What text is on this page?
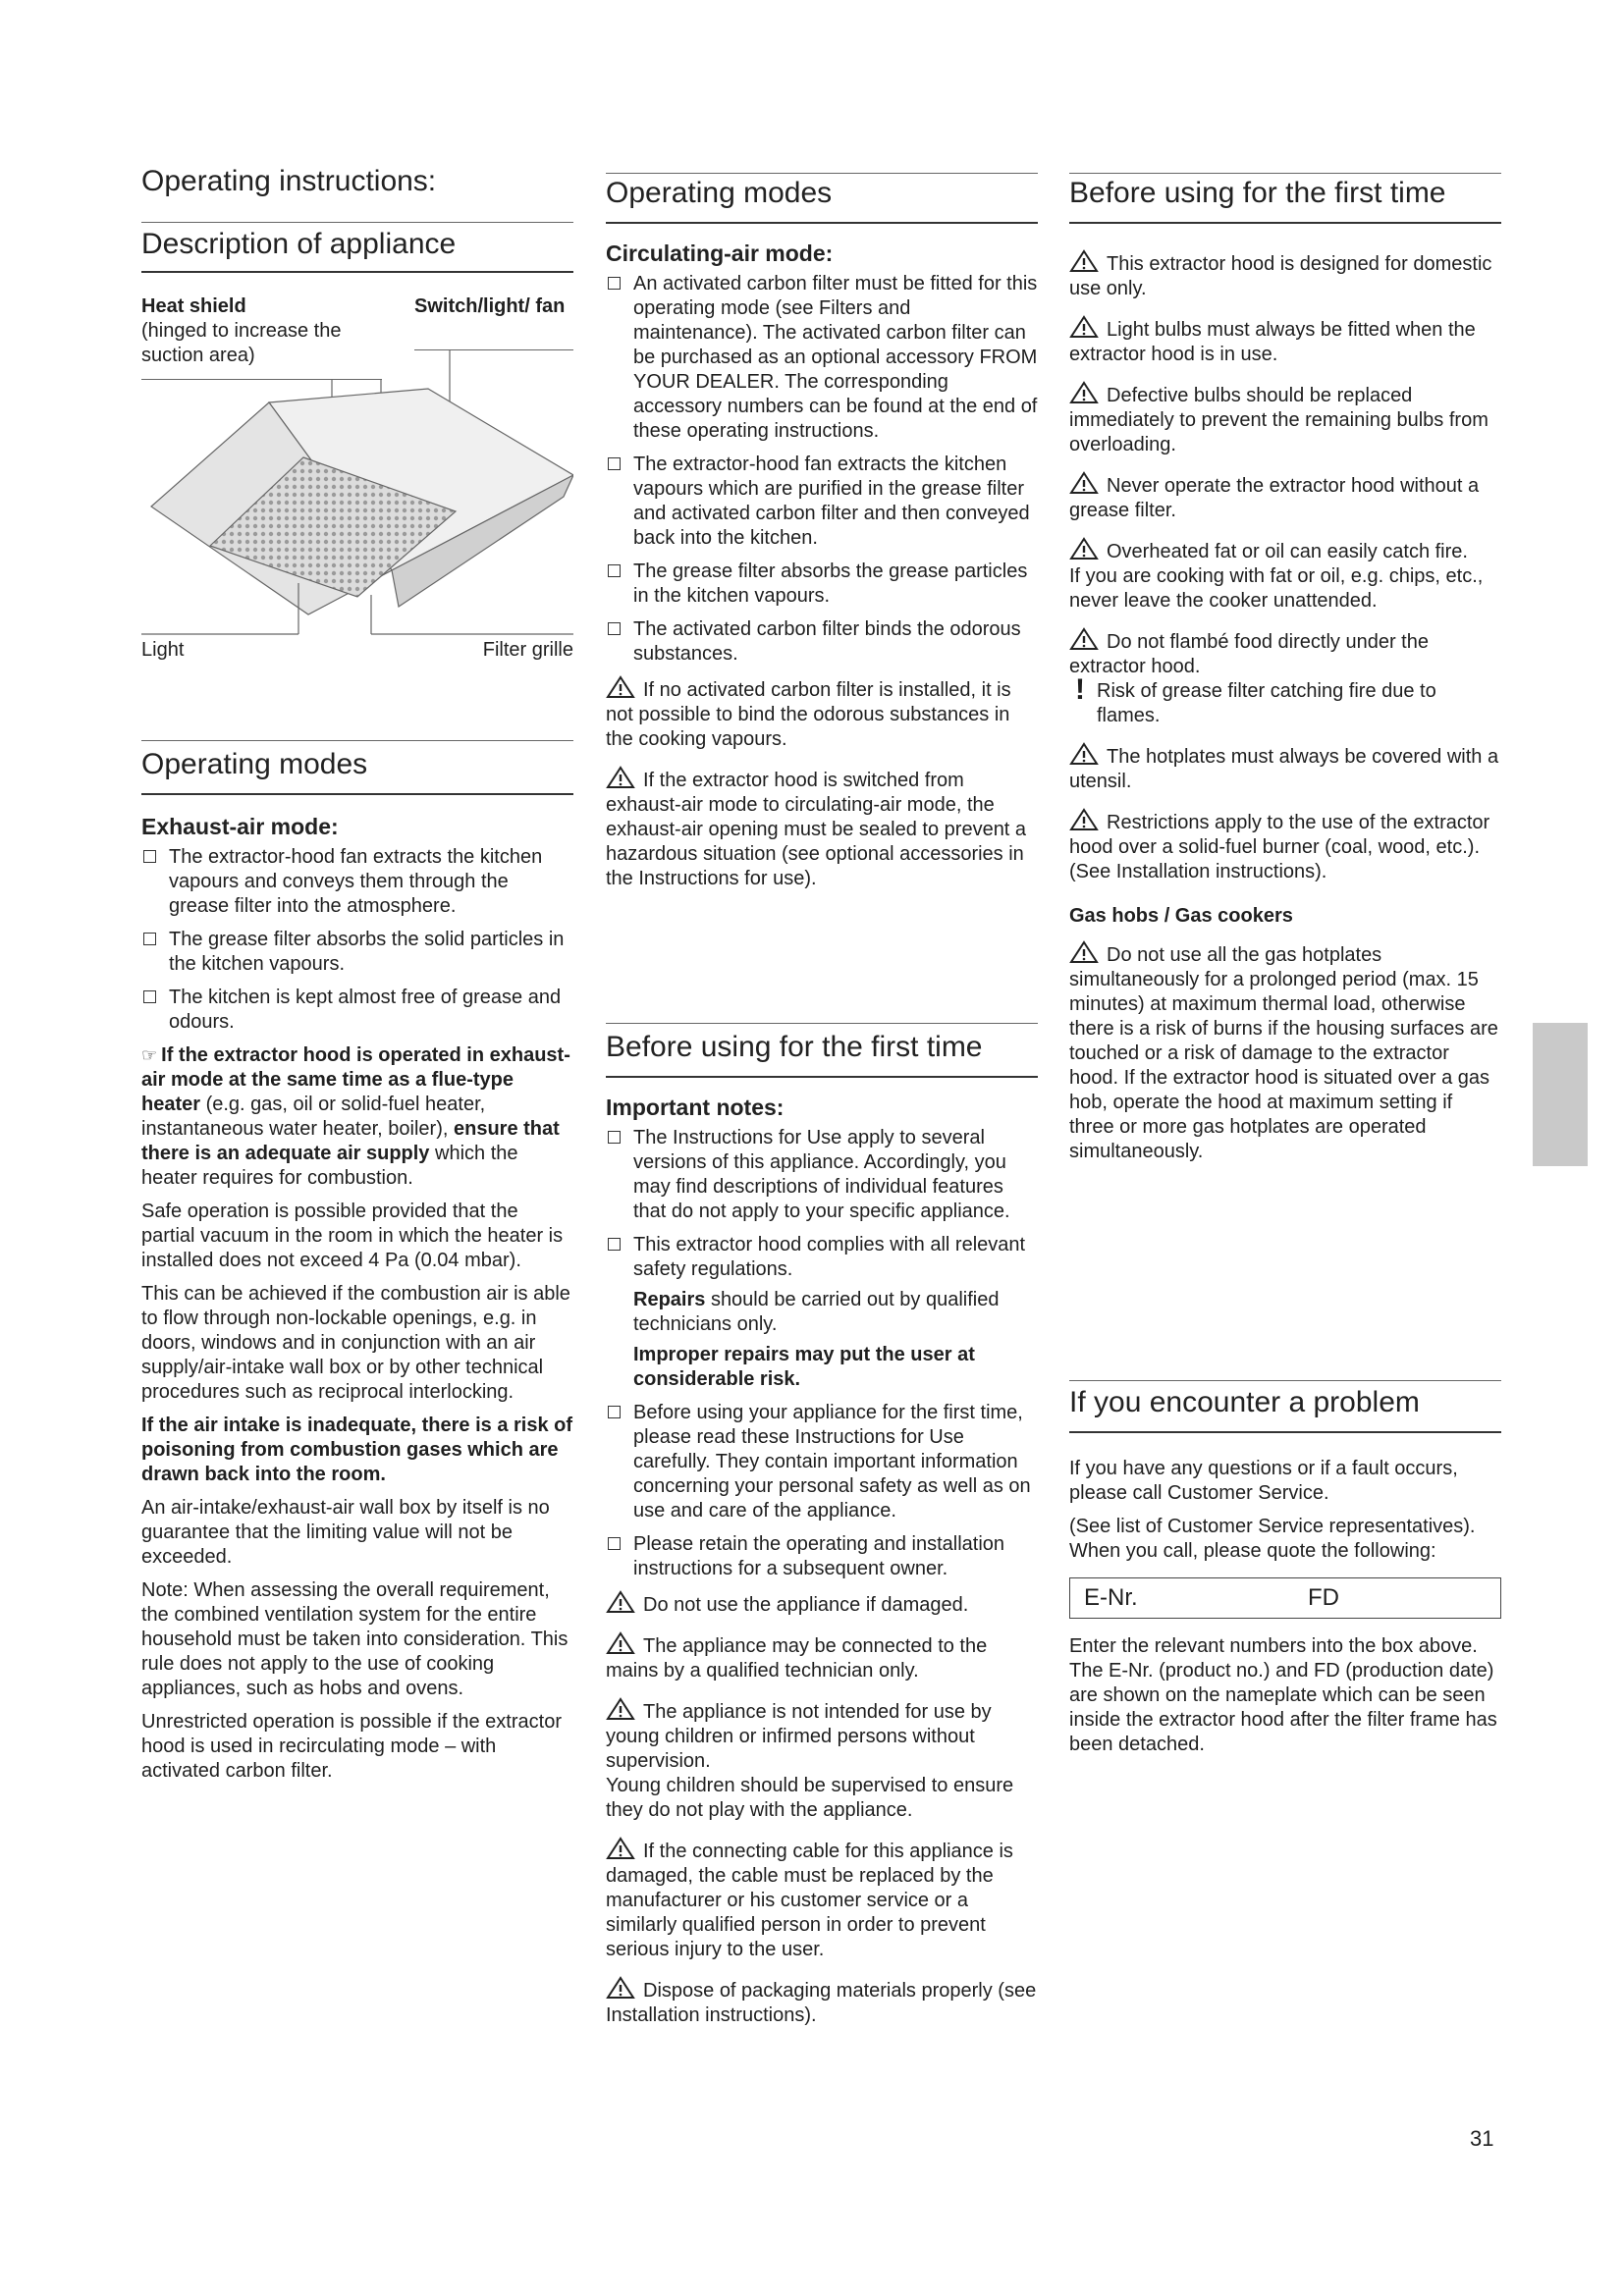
Operating instructions:
Description of appliance
Heat shield
(hinged to increase the suction area)
Switch/light/ fan
Light	Filter grille
Operating modes
Exhaust-air mode:
The extractor-hood fan extracts the kitchen vapours and conveys them through the grease filter into the atmosphere.
The grease filter absorbs the solid particles in the kitchen vapours.
The kitchen is kept almost free of grease and odours.

☞ If the extractor hood is operated in exhaust-air mode at the same time as a flue-type heater (e.g. gas, oil or solid-fuel heater, instantaneous water heater, boiler), ensure that there is an adequate air supply which the heater requires for combustion.

Safe operation is possible provided that the partial vacuum in the room in which the heater is installed does not exceed 4 Pa (0.04 mbar).

This can be achieved if the combustion air is able to flow through non-lockable openings, e.g. in doors, windows and in conjunction with an air supply/air-intake wall box or by other technical procedures such as reciprocal interlocking.

If the air intake is inadequate, there is a risk of poisoning from combustion gases which are drawn back into the room.

An air-intake/exhaust-air wall box by itself is no guarantee that the limiting value will not be exceeded.

Note: When assessing the overall requirement, the combined ventilation system for the entire household must be taken into consideration. This rule does not apply to the use of cooking appliances, such as hobs and ovens.

Unrestricted operation is possible if the extractor hood is used in recirculating mode – with activated carbon filter.

Operating modes
Circulating-air mode:
An activated carbon filter must be fitted for this operating mode (see Filters and maintenance). The activated carbon filter can be purchased as an optional accessory FROM YOUR DEALER. The corresponding accessory numbers can be found at the end of these operating instructions.
The extractor-hood fan extracts the kitchen vapours which are purified in the grease filter and activated carbon filter and then conveyed back into the kitchen.
The grease filter absorbs the grease particles in the kitchen vapours.
The activated carbon filter binds the odorous substances.
If no activated carbon filter is installed, it is not possible to bind the odorous substances in the cooking vapours.
If the extractor hood is switched from exhaust-air mode to circulating-air mode, the exhaust-air opening must be sealed to prevent a hazardous situation (see optional accessories in the Instructions for use).
Before using for the first time
Important notes:
The Instructions for Use apply to several versions of this appliance. Accordingly, you may find descriptions of individual features that do not apply to your specific appliance.
This extractor hood complies with all relevant safety regulations.
Repairs should be carried out by qualified technicians only.
Improper repairs may put the user at considerable risk.
Before using your appliance for the first time, please read these Instructions for Use carefully. They contain important information concerning your personal safety as well as on use and care of the appliance.
Please retain the operating and installation instructions for a subsequent owner.
Do not use the appliance if damaged.
The appliance may be connected to the mains by a qualified technician only.
The appliance is not intended for use by young children or infirmed persons without supervision.
Young children should be supervised to ensure they do not play with the appliance.
If the connecting cable for this appliance is damaged, the cable must be replaced by the manufacturer or his customer service or a similarly qualified person in order to prevent serious injury to the user.
Dispose of packaging materials properly (see Installation instructions).
Before using for the first time
This extractor hood is designed for domestic use only.
Light bulbs must always be fitted when the extractor hood is in use.
Defective bulbs should be replaced immediately to prevent the remaining bulbs from overloading.
Never operate the extractor hood without a grease filter.
Overheated fat or oil can easily catch fire.
If you are cooking with fat or oil, e.g. chips, etc., never leave the cooker unattended.
Do not flambé food directly under the extractor hood.
! Risk of grease filter catching fire due to flames.
The hotplates must always be covered with a utensil.
Restrictions apply to the use of the extractor hood over a solid-fuel burner (coal, wood, etc.). (See Installation instructions).
Gas hobs / Gas cookers
Do not use all the gas hotplates simultaneously for a prolonged period (max. 15 minutes) at maximum thermal load, otherwise there is a risk of burns if the housing surfaces are touched or a risk of damage to the extractor hood. If the extractor hood is situated over a gas hob, operate the hood at maximum setting if three or more gas hotplates are operated simultaneously.
If you encounter a problem

If you have any questions or if a fault occurs, please call Customer Service.

(See list of Customer Service representatives).
When you call, please quote the following:
E-Nr.	FD

Enter the relevant numbers into the box above. The E-Nr. (product no.) and FD (production date) are shown on the nameplate which can be seen inside the extractor hood after the filter frame has been detached.

31
